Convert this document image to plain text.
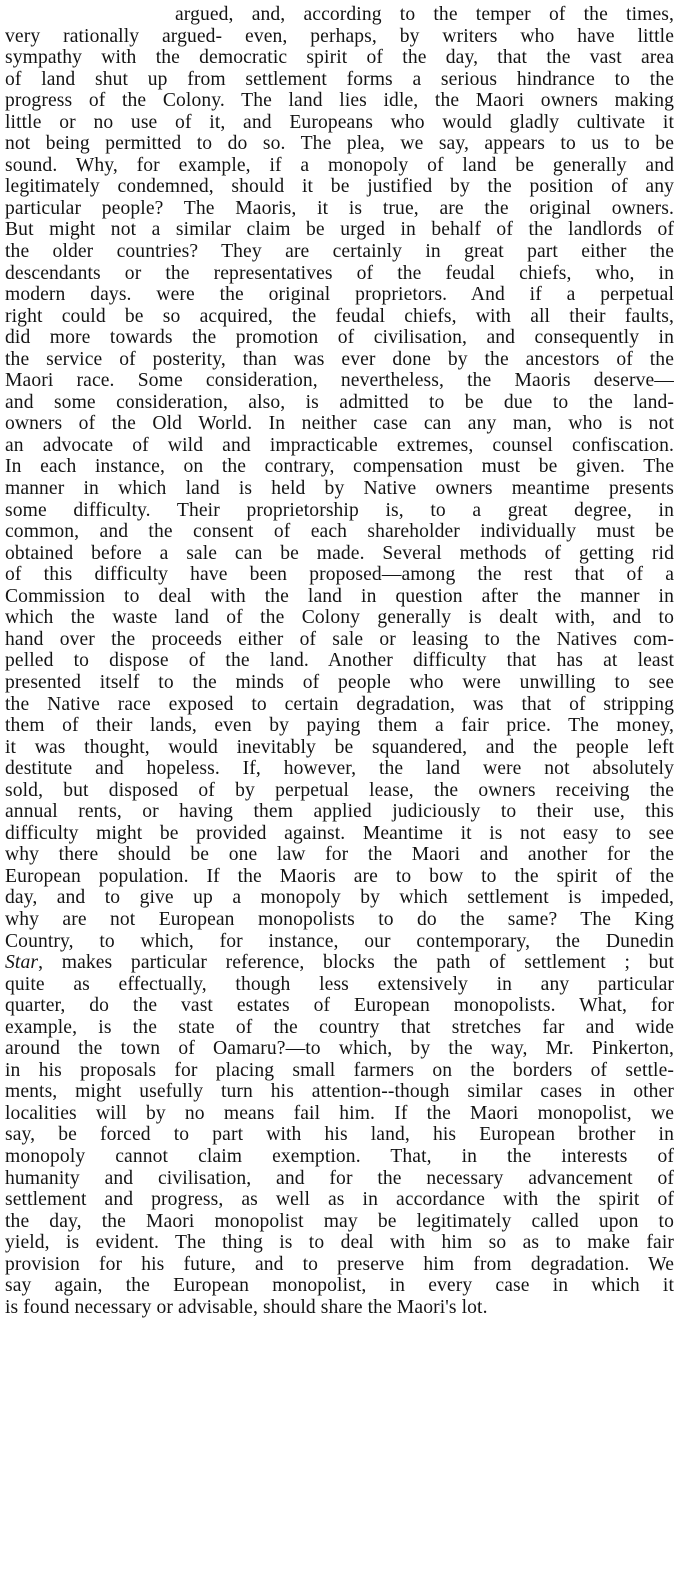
argued, and, according to the temper of the times,
very rationally argued- even, perhaps, by writers who have little
sympathy with the democratic spirit of the day, that the vast area
of land shut up from settlement forms a serious hindrance to the
progress of the Colony. The land lies idle, the Maori owners making
little or no use of it, and Europeans who would gladly cultivate it
not being permitted to do so. The plea, we say, appears to us to be
sound. Why, for example, if a monopoly of land be generally and
legitimately condemned, should it be justified by the position of any
particular people? The Maoris, it is true, are the original owners.
But might not a similar claim be urged in behalf of the landlords of
the older countries? They are certainly in great part either the
descendants or the representatives of the feudal chiefs, who, in
modern days. were the original proprietors. And if a perpetual
right could be so acquired, the feudal chiefs, with all their faults,
did more towards the promotion of civilisation, and consequently in
the service of posterity, than was ever done by the ancestors of the
Maori race. Some consideration, nevertheless, the Maoris deserve—
and some consideration, also, is admitted to be due to the land-
owners of the Old World. In neither case can any man, who is not
an advocate of wild and impracticable extremes, counsel confiscation.
In each instance, on the contrary, compensation must be given. The
manner in which land is held by Native owners meantime presents
some difficulty. Their proprietorship is, to a great degree, in
common, and the consent of each shareholder individually must be
obtained before a sale can be made. Several methods of getting rid
of this difficulty have been proposed—among the rest that of a
Commission to deal with the land in question after the manner in
which the waste land of the Colony generally is dealt with, and to
hand over the proceeds either of sale or leasing to the Natives com-
pelled to dispose of the land. Another difficulty that has at least
presented itself to the minds of people who were unwilling to see
the Native race exposed to certain degradation, was that of stripping
them of their lands, even by paying them a fair price. The money,
it was thought, would inevitably be squandered, and the people left
destitute and hopeless. If, however, the land were not absolutely
sold, but disposed of by perpetual lease, the owners receiving the
annual rents, or having them applied judiciously to their use, this
difficulty might be provided against. Meantime it is not easy to see
why there should be one law for the Maori and another for the
European population. If the Maoris are to bow to the spirit of the
day, and to give up a monopoly by which settlement is impeded,
why are not European monopolists to do the same? The King
Country, to which, for instance, our contemporary, the Dunedin
Star, makes particular reference, blocks the path of settlement ; but
quite as effectually, though less extensively in any particular
quarter, do the vast estates of European monopolists. What, for
example, is the state of the country that stretches far and wide
around the town of Oamaru?—to which, by the way, Mr. Pinkerton,
in his proposals for placing small farmers on the borders of settle-
ments, might usefully turn his attention--though similar cases in other
localities will by no means fail him. If the Maori monopolist, we
say, be forced to part with his land, his European brother in
monopoly cannot claim exemption. That, in the interests of
humanity and civilisation, and for the necessary advancement of
settlement and progress, as well as in accordance with the spirit of
the day, the Maori monopolist may be legitimately called upon to
yield, is evident. The thing is to deal with him so as to make fair
provision for his future, and to preserve him from degradation. We
say again, the European monopolist, in every case in which it
is found necessary or advisable, should share the Maori's lot.
